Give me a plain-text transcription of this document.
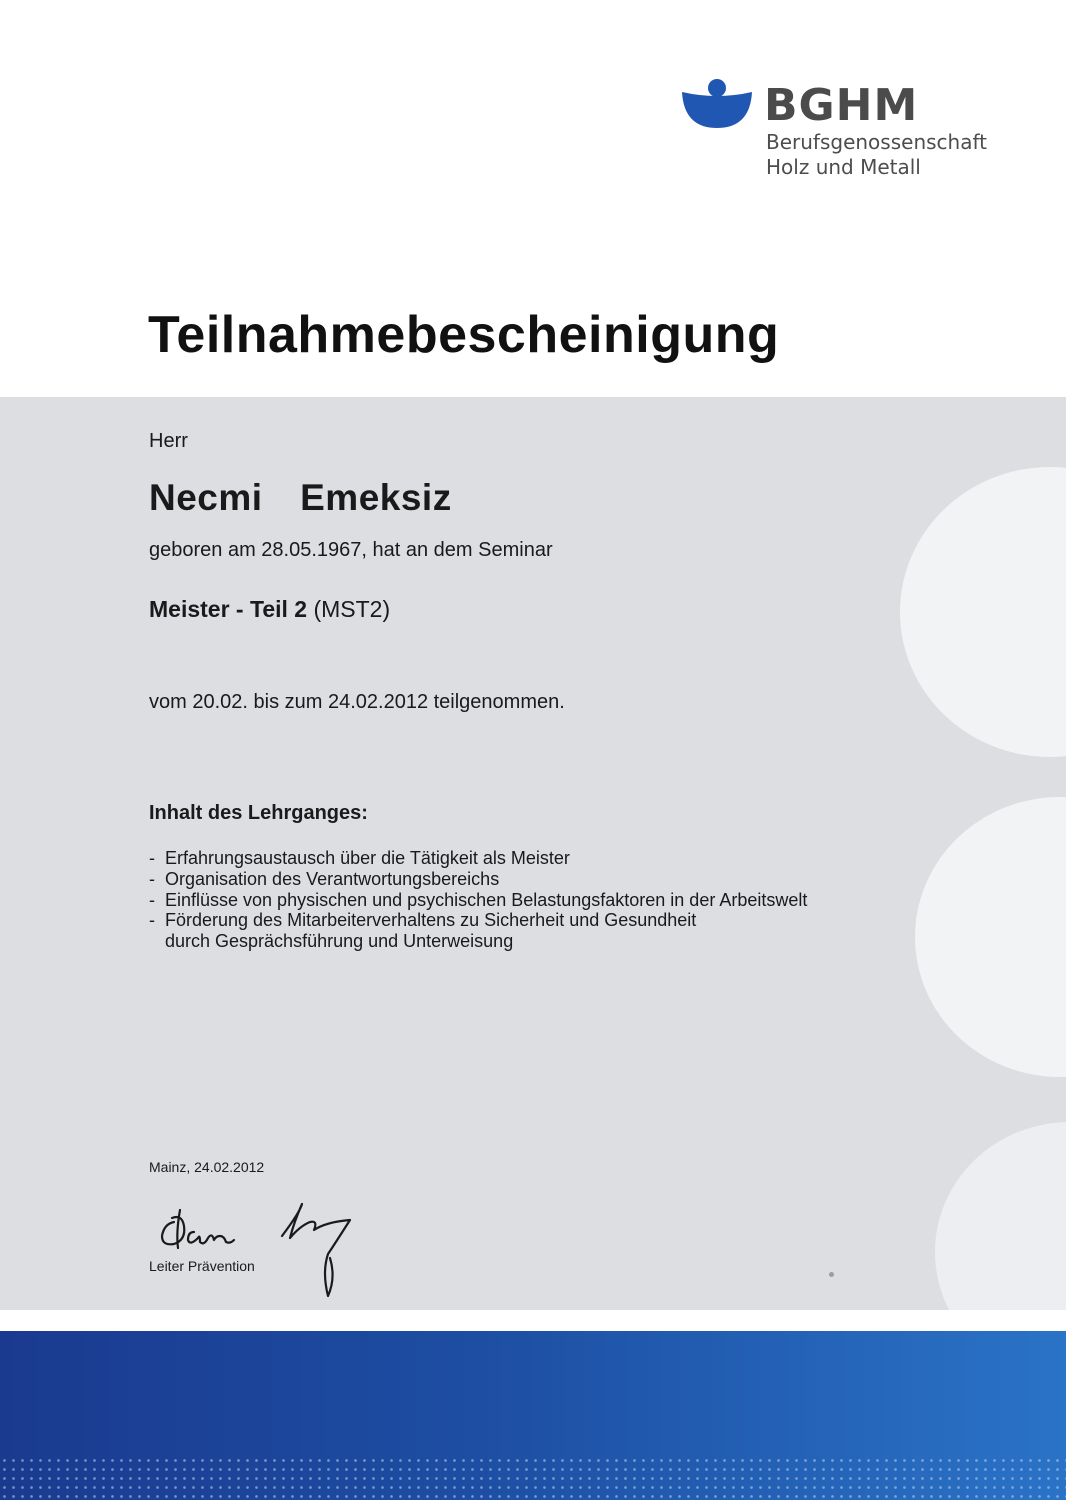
BGHM
Berufsgenossenschaft
Holz und Metall
Teilnahmebescheinigung
Herr
Necmi  Emeksiz
geboren am 28.05.1967, hat an dem Seminar
Meister - Teil 2 (MST2)
vom 20.02. bis zum 24.02.2012 teilgenommen.
Inhalt des Lehrganges:
- Erfahrungsaustausch über die Tätigkeit als Meister
- Organisation des Verantwortungsbereichs
- Einflüsse von physischen und psychischen Belastungsfaktoren in der Arbeitswelt
- Förderung des Mitarbeiterverhaltens zu Sicherheit und Gesundheit
durch Gesprächsführung und Unterweisung
Mainz, 24.02.2012
Leiter Prävention
